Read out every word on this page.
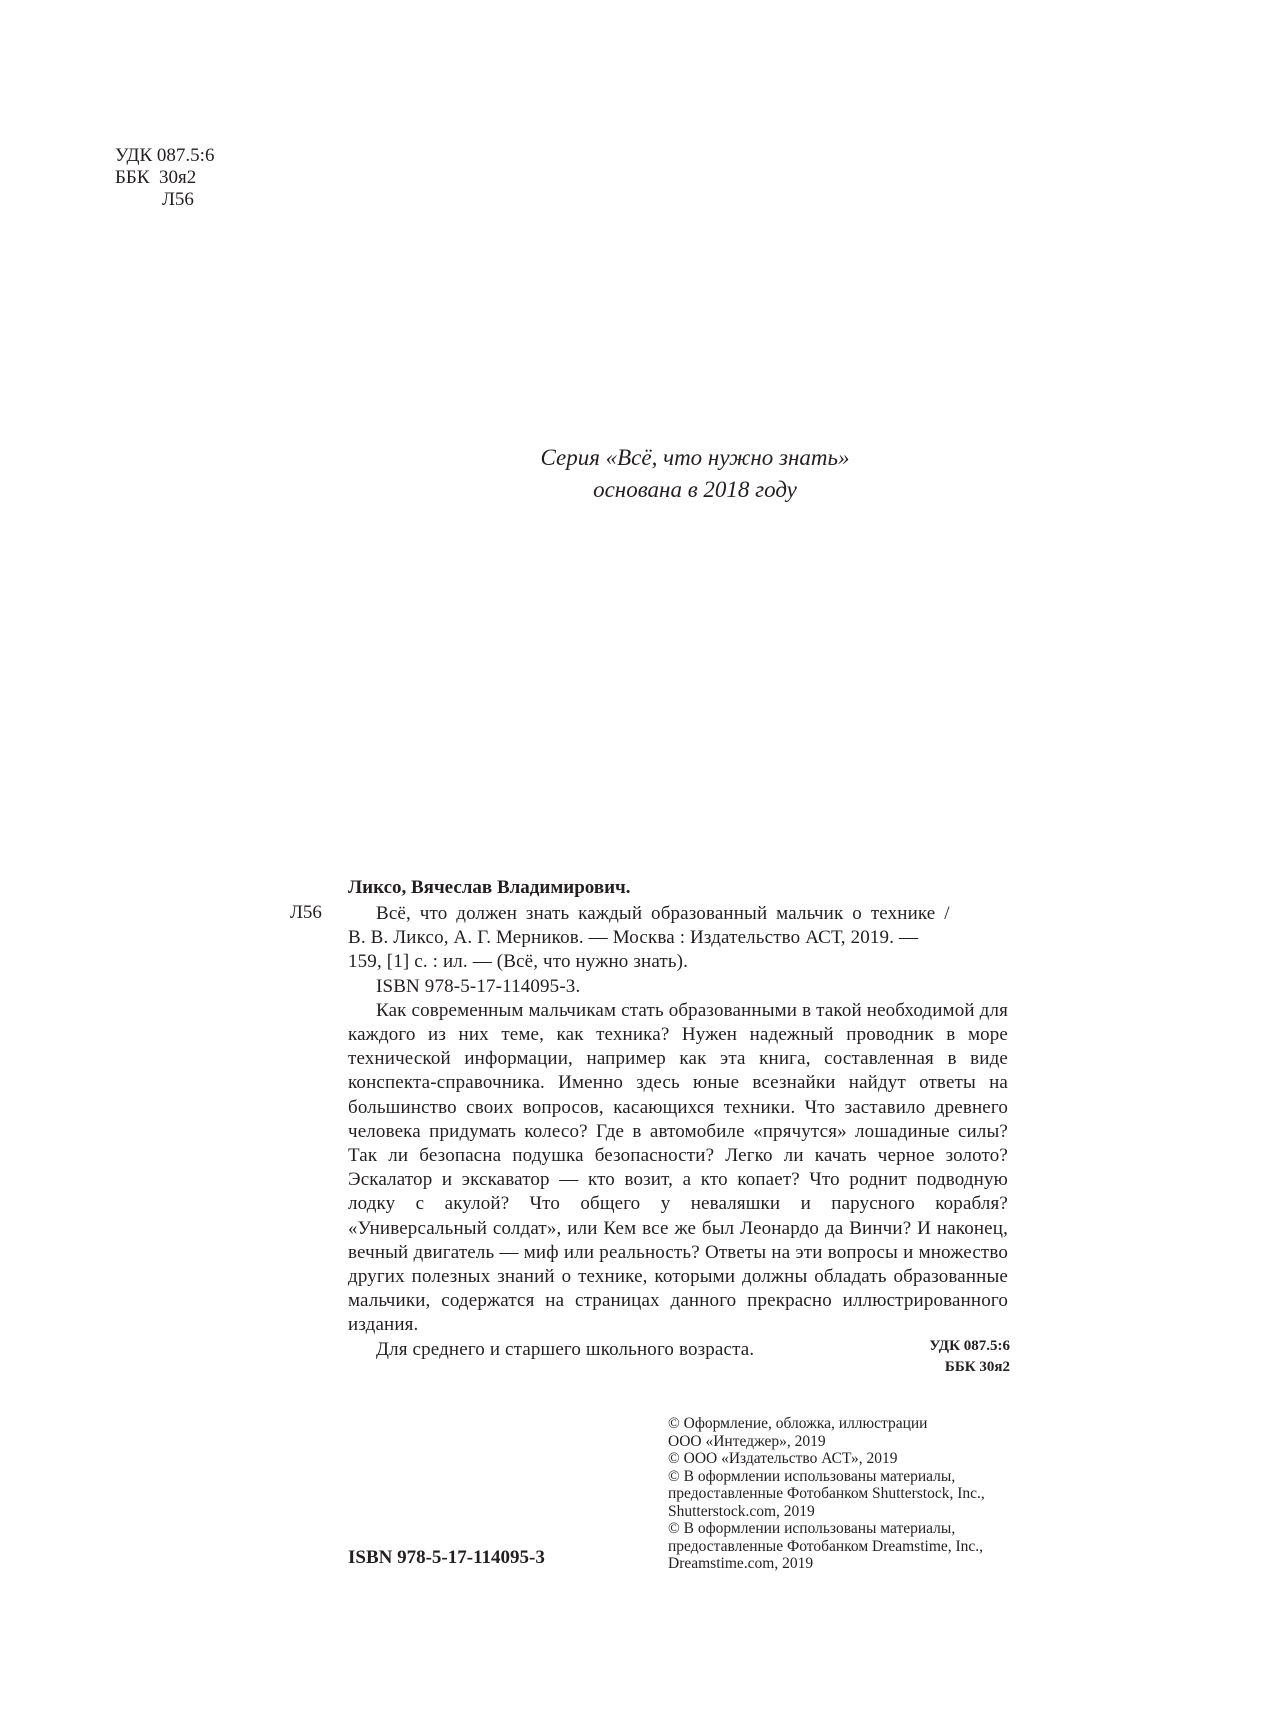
УДК 087.5:6
ББК  30я2
Л56
Серия «Всё, что нужно знать»
основана в 2018 году
Ликсо, Вячеслав Владимирович.
Л56	Всё, что должен знать каждый образованный мальчик о технике /

В. В. Ликсо, А. Г. Мерников. — Москва : Издательство АСТ, 2019. —

159, [1] с. : ил. — (Всё, что нужно знать).

ISBN 978-5-17-114095-3.

Как современным мальчикам стать образованными в такой необходимой для каждого из них теме, как техника? Нужен надежный проводник в море технической информации, например как эта книга, составленная в виде конспекта-справочника. Именно здесь юные всезнайки найдут ответы на большинство своих вопросов, касающихся техники. Что заставило древнего человека придумать колесо? Где в автомобиле «прячутся» лошадиные силы? Так ли безопасна подушка безопасности? Легко ли качать черное золото? Эскалатор и экскаватор — кто возит, а кто копает? Что роднит подводную лодку с акулой? Что общего у неваляшки и парусного корабля? «Универсальный солдат», или Кем все же был Леонардо да Винчи? И наконец, вечный двигатель — миф или реальность? Ответы на эти вопросы и множество других полезных знаний о технике, которыми должны обладать образованные мальчики, содержатся на страницах данного прекрасно иллюстрированного издания.

Для среднего и старшего школьного возраста.	УДК 087.5:6
ББК 30я2
© Оформление, обложка, иллюстрации
ООО «Интеджер», 2019
© ООО «Издательство АСТ», 2019
© В оформлении использованы материалы,
предоставленные Фотобанком Shutterstock, Inc.,
Shutterstock.com, 2019
© В оформлении использованы материалы,
предоставленные Фотобанком Dreamstime, Inc.,
Dreamstime.com, 2019
ISBN 978-5-17-114095-3
